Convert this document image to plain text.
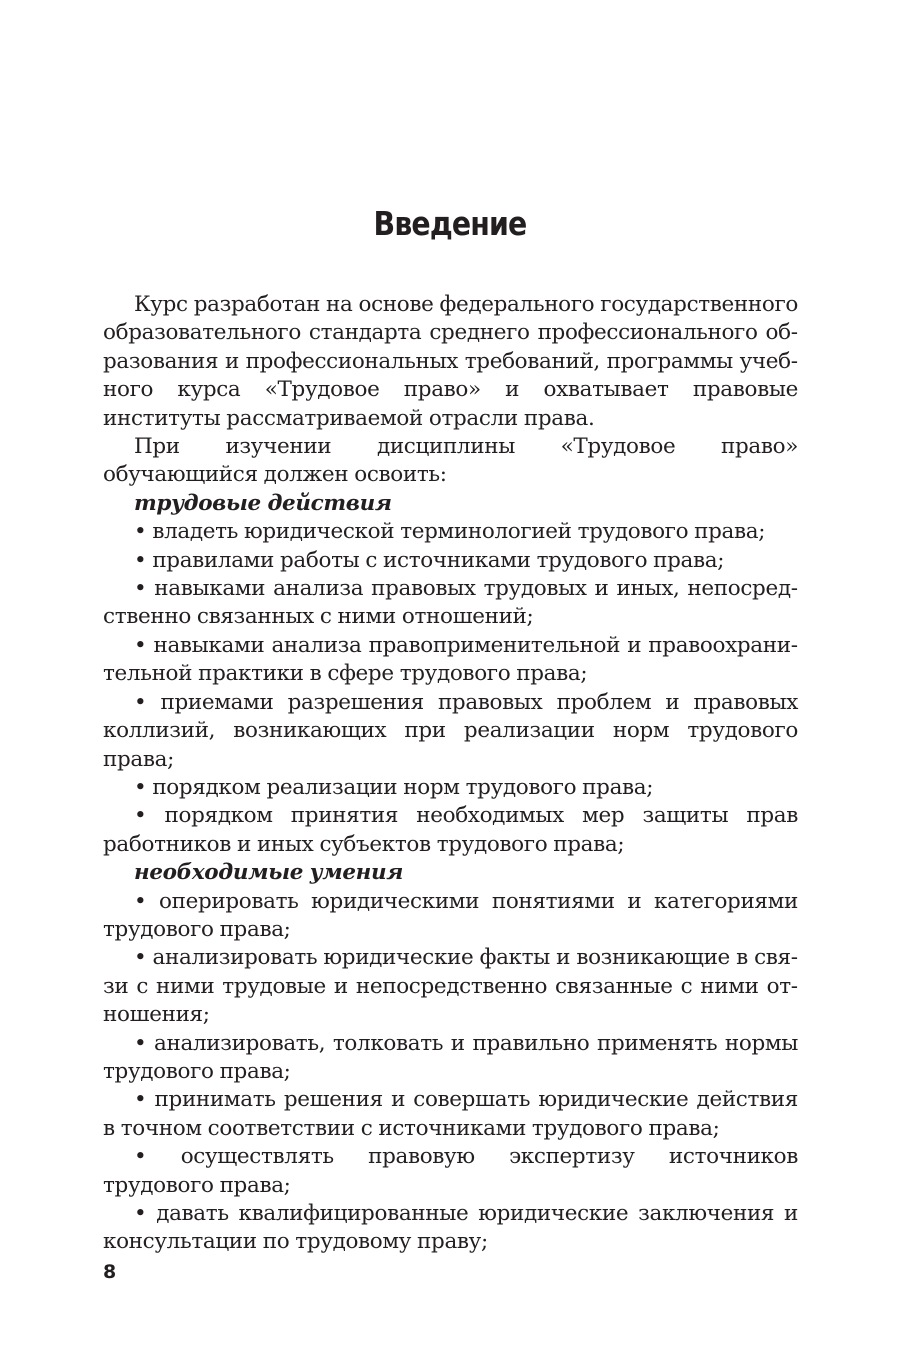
Введение

Курс разработан на основе федерального государственного образовательного стандарта среднего профессионального образования и профессиональных требований, программы учебного курса «Трудовое право» и охватывает правовые институты рассматриваемой отрасли права.

При изучении дисциплины «Трудовое право» обучающийся должен освоить:

трудовые действия

• владеть юридической терминологией трудового права;

• правилами работы с источниками трудового права;

• навыками анализа правовых трудовых и иных, непосредственно связанных с ними отношений;

• навыками анализа правоприменительной и правоохранительной практики в сфере трудового права;

• приемами разрешения правовых проблем и правовых коллизий, возникающих при реализации норм трудового права;

• порядком реализации норм трудового права;

• порядком принятия необходимых мер защиты прав работников и иных субъектов трудового права;

необходимые умения

• оперировать юридическими понятиями и категориями трудового права;

• анализировать юридические факты и возникающие в связи с ними трудовые и непосредственно связанные с ними отношения;

• анализировать, толковать и правильно применять нормы трудового права;

• принимать решения и совершать юридические действия в точном соответствии с источниками трудового права;

• осуществлять правовую экспертизу источников трудового права;

• давать квалифицированные юридические заключения и консультации по трудовому праву;

8
